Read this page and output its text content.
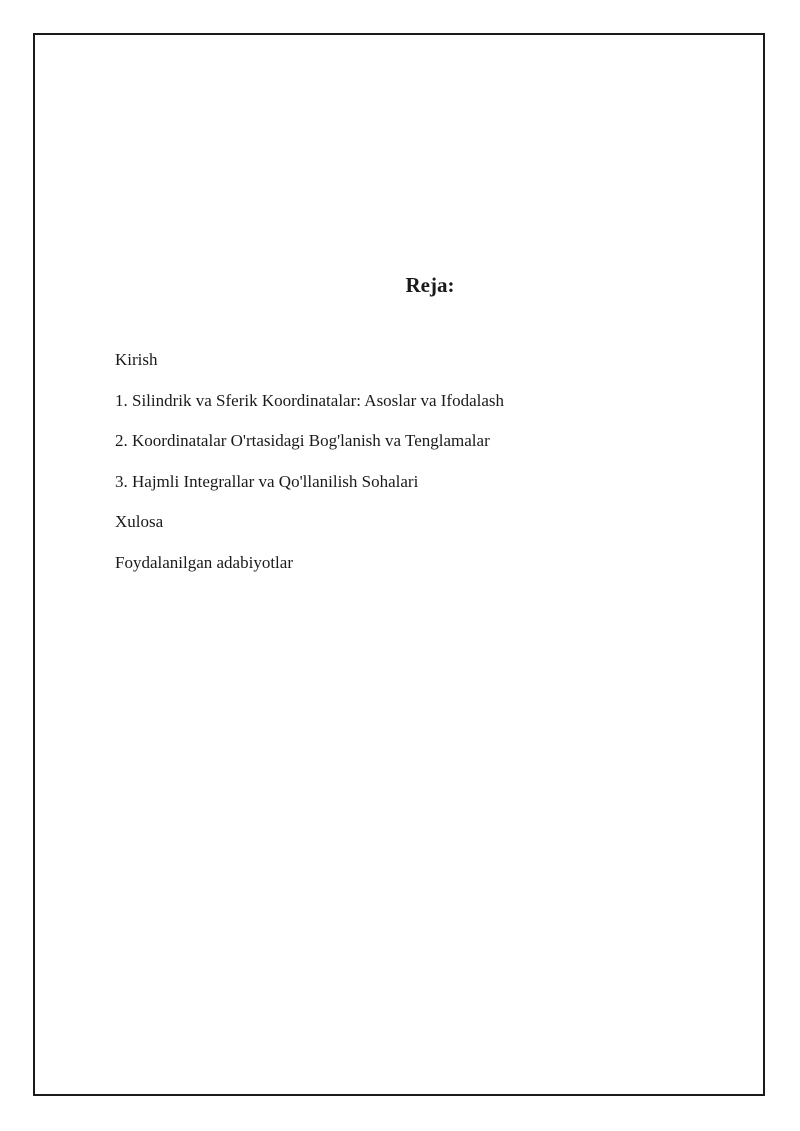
Reja:
Kirish
1. Silindrik va Sferik Koordinatalar: Asoslar va Ifodalash
2. Koordinatalar O'rtasidagi Bog'lanish va Tenglamalar
3. Hajmli Integrallar va Qo'llanilish Sohalari
Xulosa
Foydalanilgan adabiyotlar
